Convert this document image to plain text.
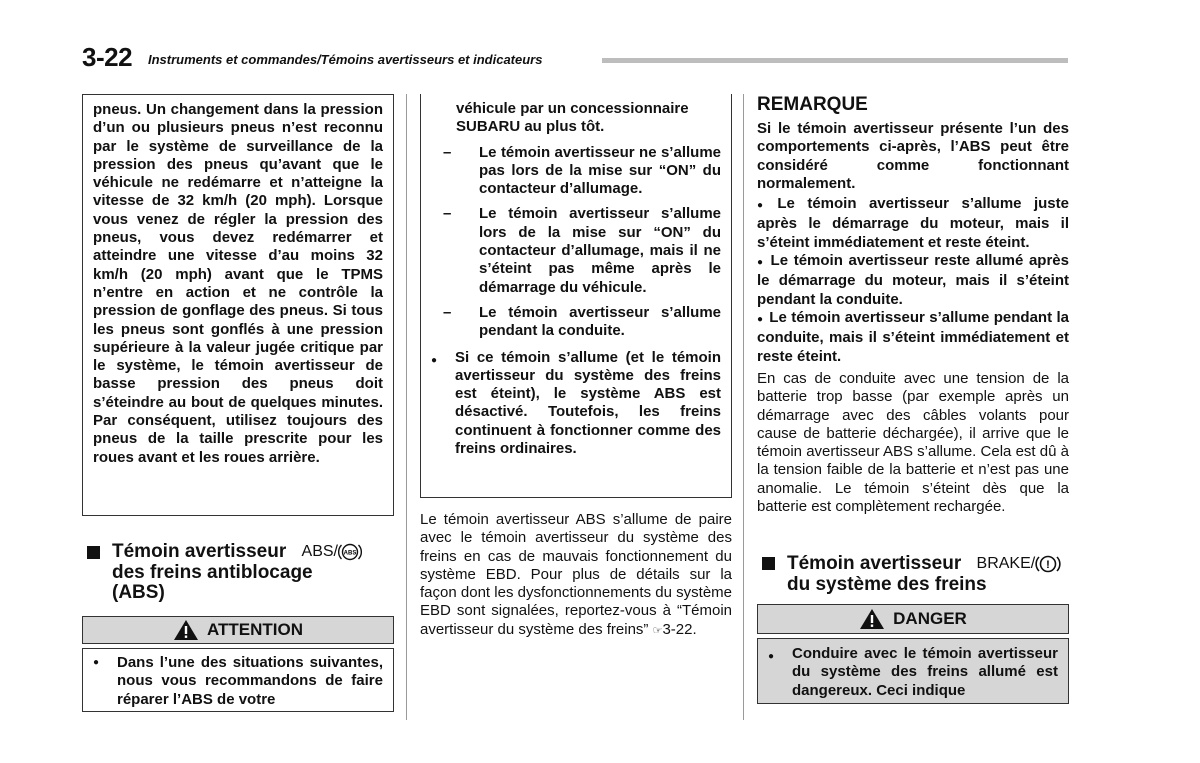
3-22 Instruments et commandes/Témoins avertisseurs et indicateurs
pneus. Un changement dans la pression d’un ou plusieurs pneus n’est reconnu par le système de surveillance de la pression des pneus qu’avant que le véhicule ne redémarre et n’atteigne la vitesse de 32 km/h (20 mph). Lorsque vous venez de régler la pression des pneus, vous devez redémarrer et atteindre une vitesse d’au moins 32 km/h (20 mph) avant que le TPMS n’entre en action et ne contrôle la pression de gonflage des pneus. Si tous les pneus sont gonflés à une pression supérieure à la valeur jugée critique par le système, le témoin avertisseur de basse pression des pneus doit s’éteindre au bout de quelques minutes. Par conséquent, utilisez toujours des pneus de la taille prescrite pour les roues avant et les roues arrière.
Témoin avertisseur ABS/ ABS

des freins antiblocage
(ABS)
ATTENTION
●	Dans l’une des situations suivantes, nous vous recommandons de faire réparer l’ABS de votre

véhicule par un concessionnaire SUBARU au plus tôt.

–	Le témoin avertisseur ne s’allume pas lors de la mise sur “ON” du contacteur d’allumage.
–	Le témoin avertisseur s’allume lors de la mise sur “ON” du contacteur d’allumage, mais il ne s’éteint pas même après le démarrage du véhicule.
–	Le témoin avertisseur s’allume pendant la conduite.
●	Si ce témoin s’allume (et le témoin avertisseur du système des freins est éteint), le système ABS est désactivé. Toutefois, les freins continuent à fonctionner comme des freins ordinaires.
Le témoin avertisseur ABS s’allume de paire avec le témoin avertisseur du système des freins en cas de mauvais fonctionnement du système EBD. Pour plus de détails sur la façon dont les dysfonctionnements du système EBD sont signalées, reportez-vous à “Témoin avertisseur du système des freins” ☞3-22.
REMARQUE

Si le témoin avertisseur présente l’un des comportements ci-après, l’ABS peut être considéré comme fonctionnant normalement.

● Le témoin avertisseur s’allume juste après le démarrage du moteur, mais il s’éteint immédiatement et reste éteint.

● Le témoin avertisseur reste allumé après le démarrage du moteur, mais il s’éteint pendant la conduite.

● Le témoin avertisseur s’allume pendant la conduite, mais il s’éteint immédiatement et reste éteint.

En cas de conduite avec une tension de la batterie trop basse (par exemple après un démarrage avec des câbles volants pour cause de batterie déchargée), il arrive que le témoin avertisseur ABS s’allume. Cela est dû à la tension faible de la batterie et n’est pas une anomalie. Le témoin s’éteint dès que la batterie est complètement rechargée.
Témoin avertisseur BRAKE/ !

du système des freins
DANGER
●	Conduire avec le témoin avertisseur du système des freins allumé est dangereux. Ceci indique
